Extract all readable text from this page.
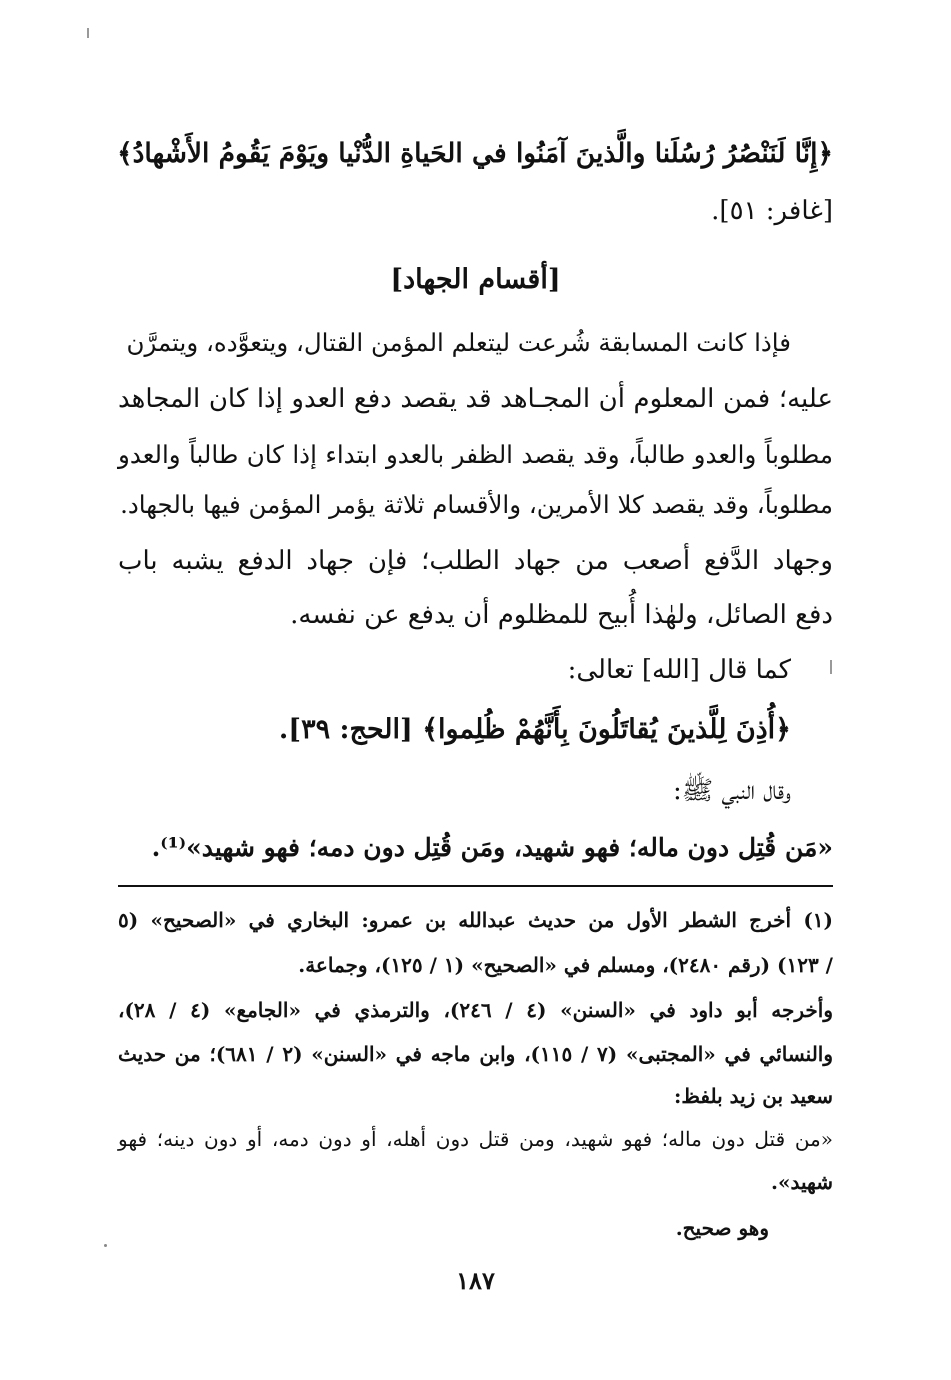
﴿إِنَّا لَنَنْصُرُ رُسُلَنا والَّذينَ آمَنُوا في الحَياةِ الدُّنْيا ويَوْمَ يَقُومُ الأَشْهادُ﴾
[غافر: ٥١].
[أقسام الجهاد]
فإذا كانت المسابقة شُرعت ليتعلم المؤمن القتال، ويتعوَّده، ويتمرَّن
عليه؛ فمن المعلوم أن المجـاهد قد يقصد دفع العدو إذا كان المجاهد
مطلوباً والعدو طالباً، وقد يقصد الظفر بالعدو ابتداء إذا كان طالباً والعدو
مطلوباً، وقد يقصد كلا الأمرين، والأقسام ثلاثة يؤمر المؤمن فيها بالجهاد.
وجهاد الدَّفع أصعب من جهاد الطلب؛ فإن جهاد الدفع يشبه باب
دفع الصائل، ولهٰذا أُبيح للمظلوم أن يدفع عن نفسه.
كما قال [الله] تعالى:
﴿أُذِنَ لِلَّذينَ يُقاتَلُونَ بِأَنَّهُمْ ظُلِموا﴾ [الحج: ٣٩].
وقال النبي ﷺ:
«مَن قُتِل دون ماله؛ فهو شهيد، ومَن قُتِل دون دمه؛ فهو شهيد»⁽¹⁾.
(١) أخرج الشطر الأول من حديث عبدالله بن عمرو: البخاري في «الصحيح» (٥
/ ١٢٣) (رقم ٢٤٨٠)، ومسلم في «الصحيح» (١ / ١٢٥)، وجماعة.
وأخرجه أبو داود في «السنن» (٤ / ٢٤٦)، والترمذي في «الجامع» (٤ / ٢٨)،
والنسائي في «المجتبى» (٧ / ١١٥)، وابن ماجه في «السنن» (٢ / ٦٨١)؛ من حديث
سعيد بن زيد بلفظ:
«من قتل دون ماله؛ فهو شهيد، ومن قتل دون أهله، أو دون دمه، أو دون دينه؛ فهو
شهيد».
وهو صحيح.
١٨٧
